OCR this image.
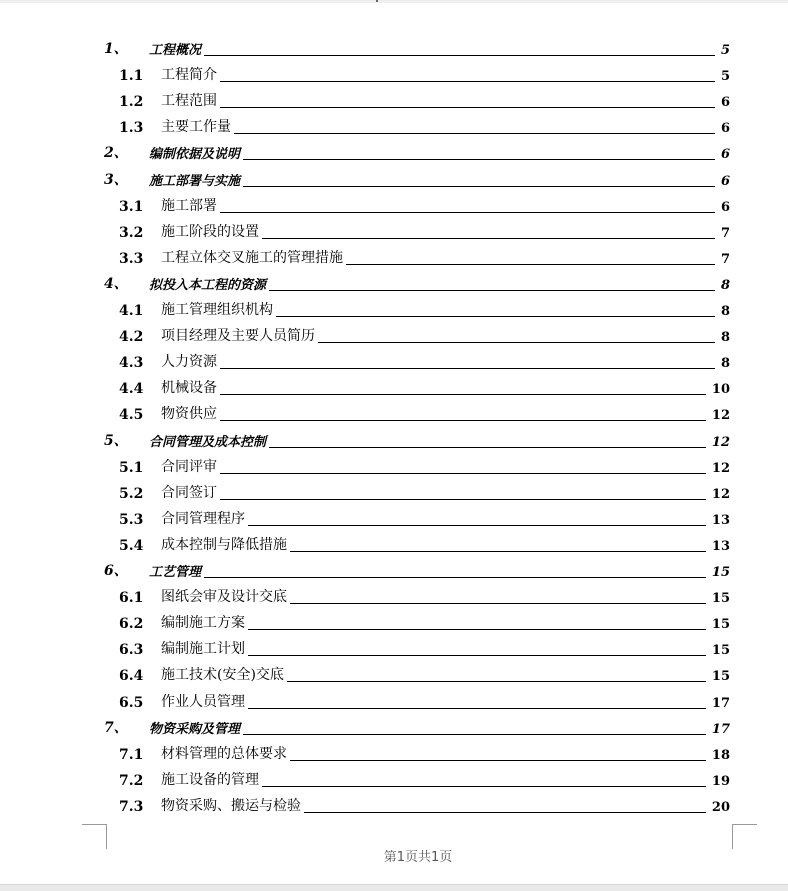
1、 工程概况	5
1.1 工程简介	5
1.2 工程范围	6
1.3 主要工作量	6
2、 编制依据及说明	6
3、 施工部署与实施	6
3.1 施工部署	6
3.2 施工阶段的设置	7
3.3 工程立体交叉施工的管理措施	7
4、 拟投入本工程的资源	8
4.1 施工管理组织机构	8
4.2 项目经理及主要人员简历	8
4.3 人力资源	8
4.4 机械设备	10
4.5 物资供应	12
5、 合同管理及成本控制	12
5.1 合同评审	12
5.2 合同签订	12
5.3 合同管理程序	13
5.4 成本控制与降低措施	13
6、 工艺管理	15
6.1 图纸会审及设计交底	15
6.2 编制施工方案	15
6.3 编制施工计划	15
6.4 施工技术(安全)交底	15
6.5 作业人员管理	17
7、 物资采购及管理	17
7.1 材料管理的总体要求	18
7.2 施工设备的管理	19
7.3 物资采购、搬运与检验	20
第1页共1页
